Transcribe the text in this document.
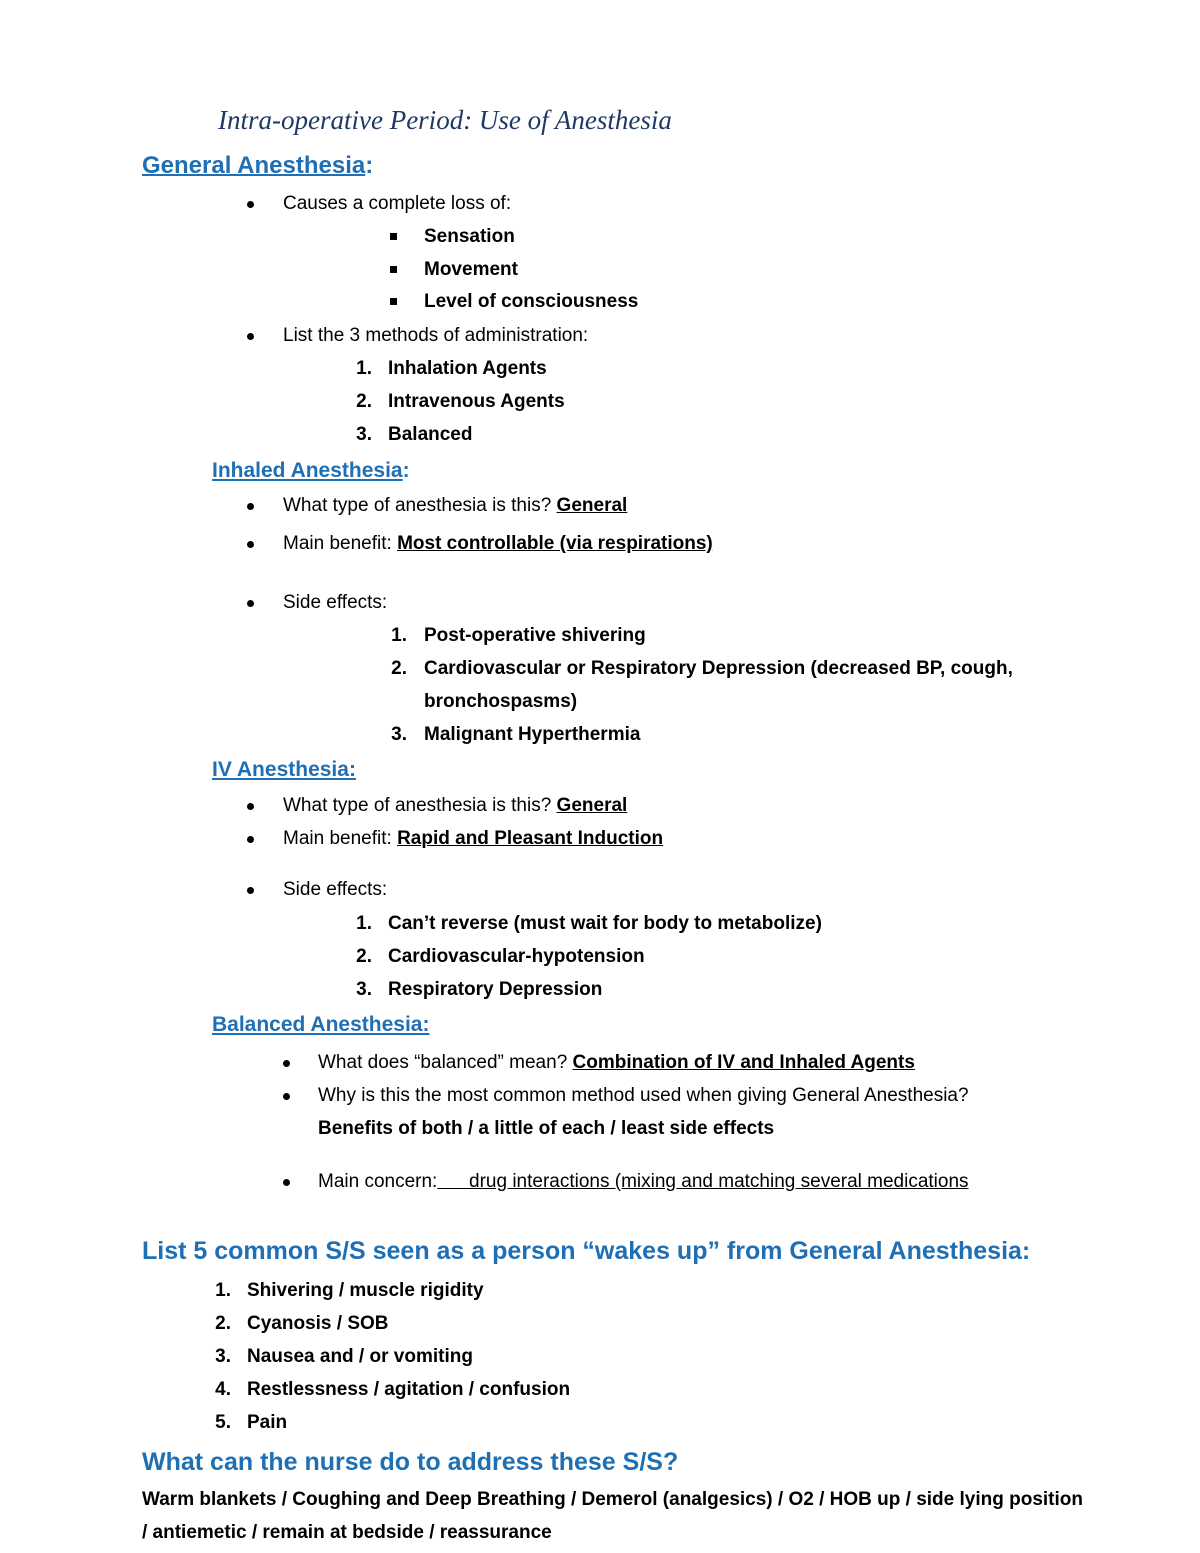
Intra-operative Period: Use of Anesthesia
General Anesthesia:
Causes a complete loss of:
Sensation
Movement
Level of consciousness
List the 3 methods of administration:
1. Inhalation Agents
2. Intravenous Agents
3. Balanced
Inhaled Anesthesia:
What type of anesthesia is this? General
Main benefit: Most controllable (via respirations)
Side effects:
1. Post-operative shivering
2. Cardiovascular or Respiratory Depression (decreased BP, cough,
bronchospasms)
3. Malignant Hyperthermia
IV Anesthesia:
What type of anesthesia is this? General
Main benefit: Rapid and Pleasant Induction
Side effects:
1. Can’t reverse (must wait for body to metabolize)
2. Cardiovascular-hypotension
3. Respiratory Depression
Balanced Anesthesia:
What does “balanced” mean? Combination of IV and Inhaled Agents
Why is this the most common method used when giving General Anesthesia?
Benefits of both / a little of each / least side effects
Main concern:      drug interactions (mixing and matching several medications
List 5 common S/S seen as a person “wakes up” from General Anesthesia:
1. Shivering / muscle rigidity
2. Cyanosis / SOB
3. Nausea and / or vomiting
4. Restlessness / agitation / confusion
5. Pain
What can the nurse do to address these S/S?
Warm blankets / Coughing and Deep Breathing / Demerol (analgesics) / O2 / HOB up / side lying position
/ antiemetic / remain at bedside / reassurance
